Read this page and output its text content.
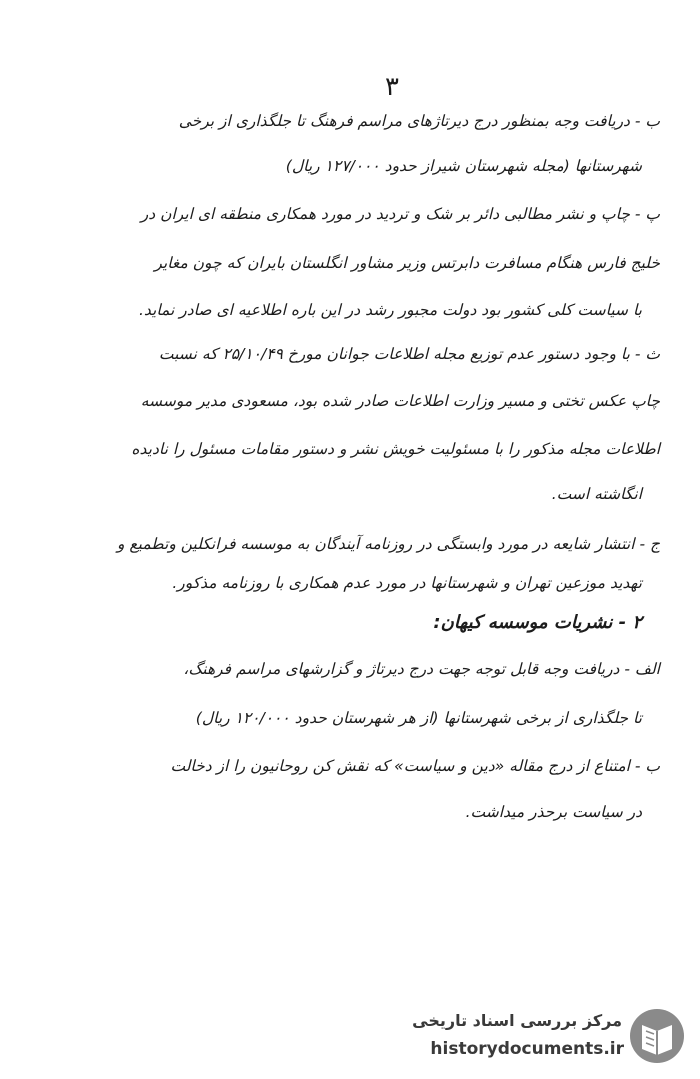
۳
ب - دریافت وجه بمنظور درج دیرتاژهای مراسم فرهنگ تا جلگذاری از برخی
شهرستانها (مجله شهرستان شیراز حدود ۱۲۷/۰۰۰ ریال)
پ - چاپ و نشر مطالبی دائر بر شک و تردید در مورد همکاری منطقه ای ایران در
خلیج فارس هنگام مسافرت دابرتس وزیر مشاور انگلستان بایران که چون مغایر
با سیاست کلی کشور بود دولت مجبور رشد در این باره اطلاعیه ای صادر نماید.
ث - با وجود دستور عدم توزیع مجله اطلاعات جوانان مورخ ۲۵/۱۰/۴۹ که نسبت
چاپ عکس تختی و مسیر وزارت اطلاعات صادر شده بود، مسعودی مدیر موسسه
اطلاعات مجله مذکور را با مسئولیت خویش نشر و دستور مقامات مسئول را نادیده
انگاشته است.
ج - انتشار شایعه در مورد وابستگی در روزنامه آیندگان به موسسه فرانکلین وتطمیع و
تهدید موزعین تهران و شهرستانها در مورد عدم همکاری با روزنامه مذکور.
۲ - نشریات موسسه کیهان:
الف - دریافت وجه قابل توجه جهت درج دیرتاژ و گزارشهای مراسم فرهنگ،
تا جلگذاری از برخی شهرستانها (از هر شهرستان حدود ۱۲۰/۰۰۰ ریال)
ب - امتناع از درج مقاله «دین و سیاست» که نقش کن روحانیون را از دخالت
در سیاست برحذر میداشت.
مرکز بررسی اسناد تاریخی
historydocuments.ir
